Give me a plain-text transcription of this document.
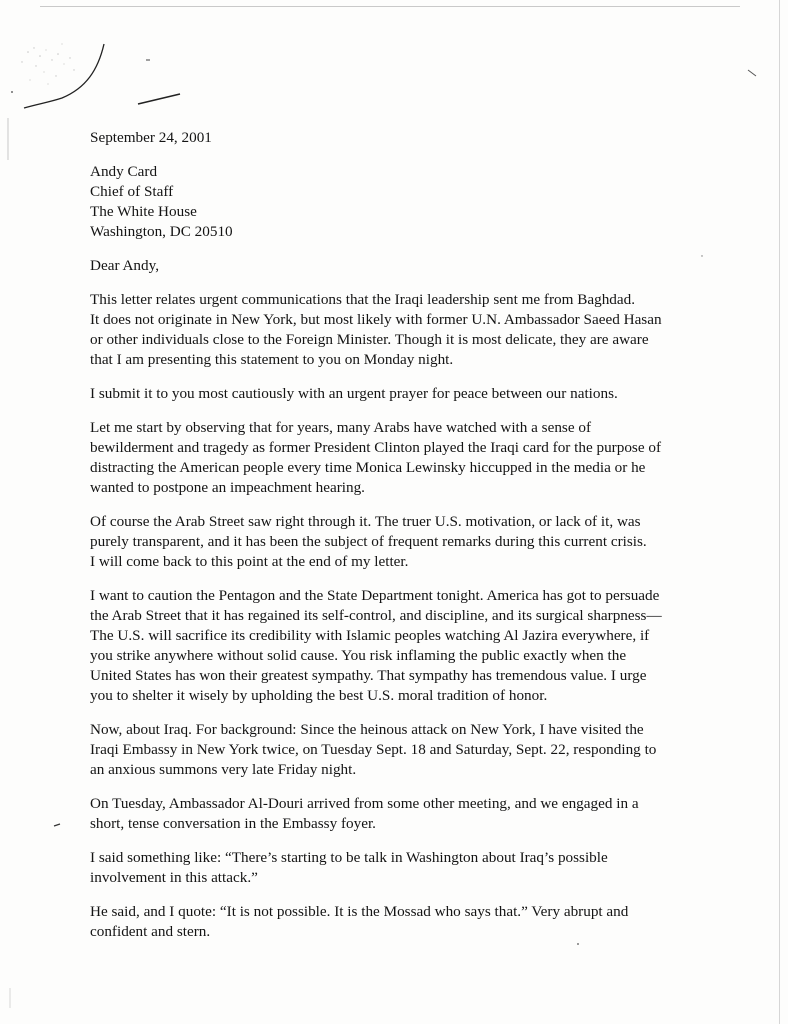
September 24, 2001

Andy Card
Chief of Staff
The White House
Washington, DC 20510

Dear Andy,

This letter relates urgent communications that the Iraqi leadership sent me from Baghdad.
It does not originate in New York, but most likely with former U.N. Ambassador Saeed Hasan
or other individuals close to the Foreign Minister. Though it is most delicate, they are aware
that I am presenting this statement to you on Monday night.

I submit it to you most cautiously with an urgent prayer for peace between our nations.

Let me start by observing that for years, many Arabs have watched with a sense of
bewilderment and tragedy as former President Clinton played the Iraqi card for the purpose of
distracting the American people every time Monica Lewinsky hiccupped in the media or he
wanted to postpone an impeachment hearing.

Of course the Arab Street saw right through it. The truer U.S. motivation, or lack of it, was
purely transparent, and it has been the subject of frequent remarks during this current crisis.
I will come back to this point at the end of my letter.

I want to caution the Pentagon and the State Department tonight. America has got to persuade
the Arab Street that it has regained its self-control, and discipline, and its surgical sharpness—
The U.S. will sacrifice its credibility with Islamic peoples watching Al Jazira everywhere, if
you strike anywhere without solid cause. You risk inflaming the public exactly when the
United States has won their greatest sympathy. That sympathy has tremendous value. I urge
you to shelter it wisely by upholding the best U.S. moral tradition of honor.

Now, about Iraq. For background: Since the heinous attack on New York, I have visited the
Iraqi Embassy in New York twice, on Tuesday Sept. 18 and Saturday, Sept. 22, responding to
an anxious summons very late Friday night.

On Tuesday, Ambassador Al-Douri arrived from some other meeting, and we engaged in a
short, tense conversation in the Embassy foyer.

I said something like: “There’s starting to be talk in Washington about Iraq’s possible
involvement in this attack.”

He said, and I quote: “It is not possible. It is the Mossad who says that.” Very abrupt and
confident and stern.
